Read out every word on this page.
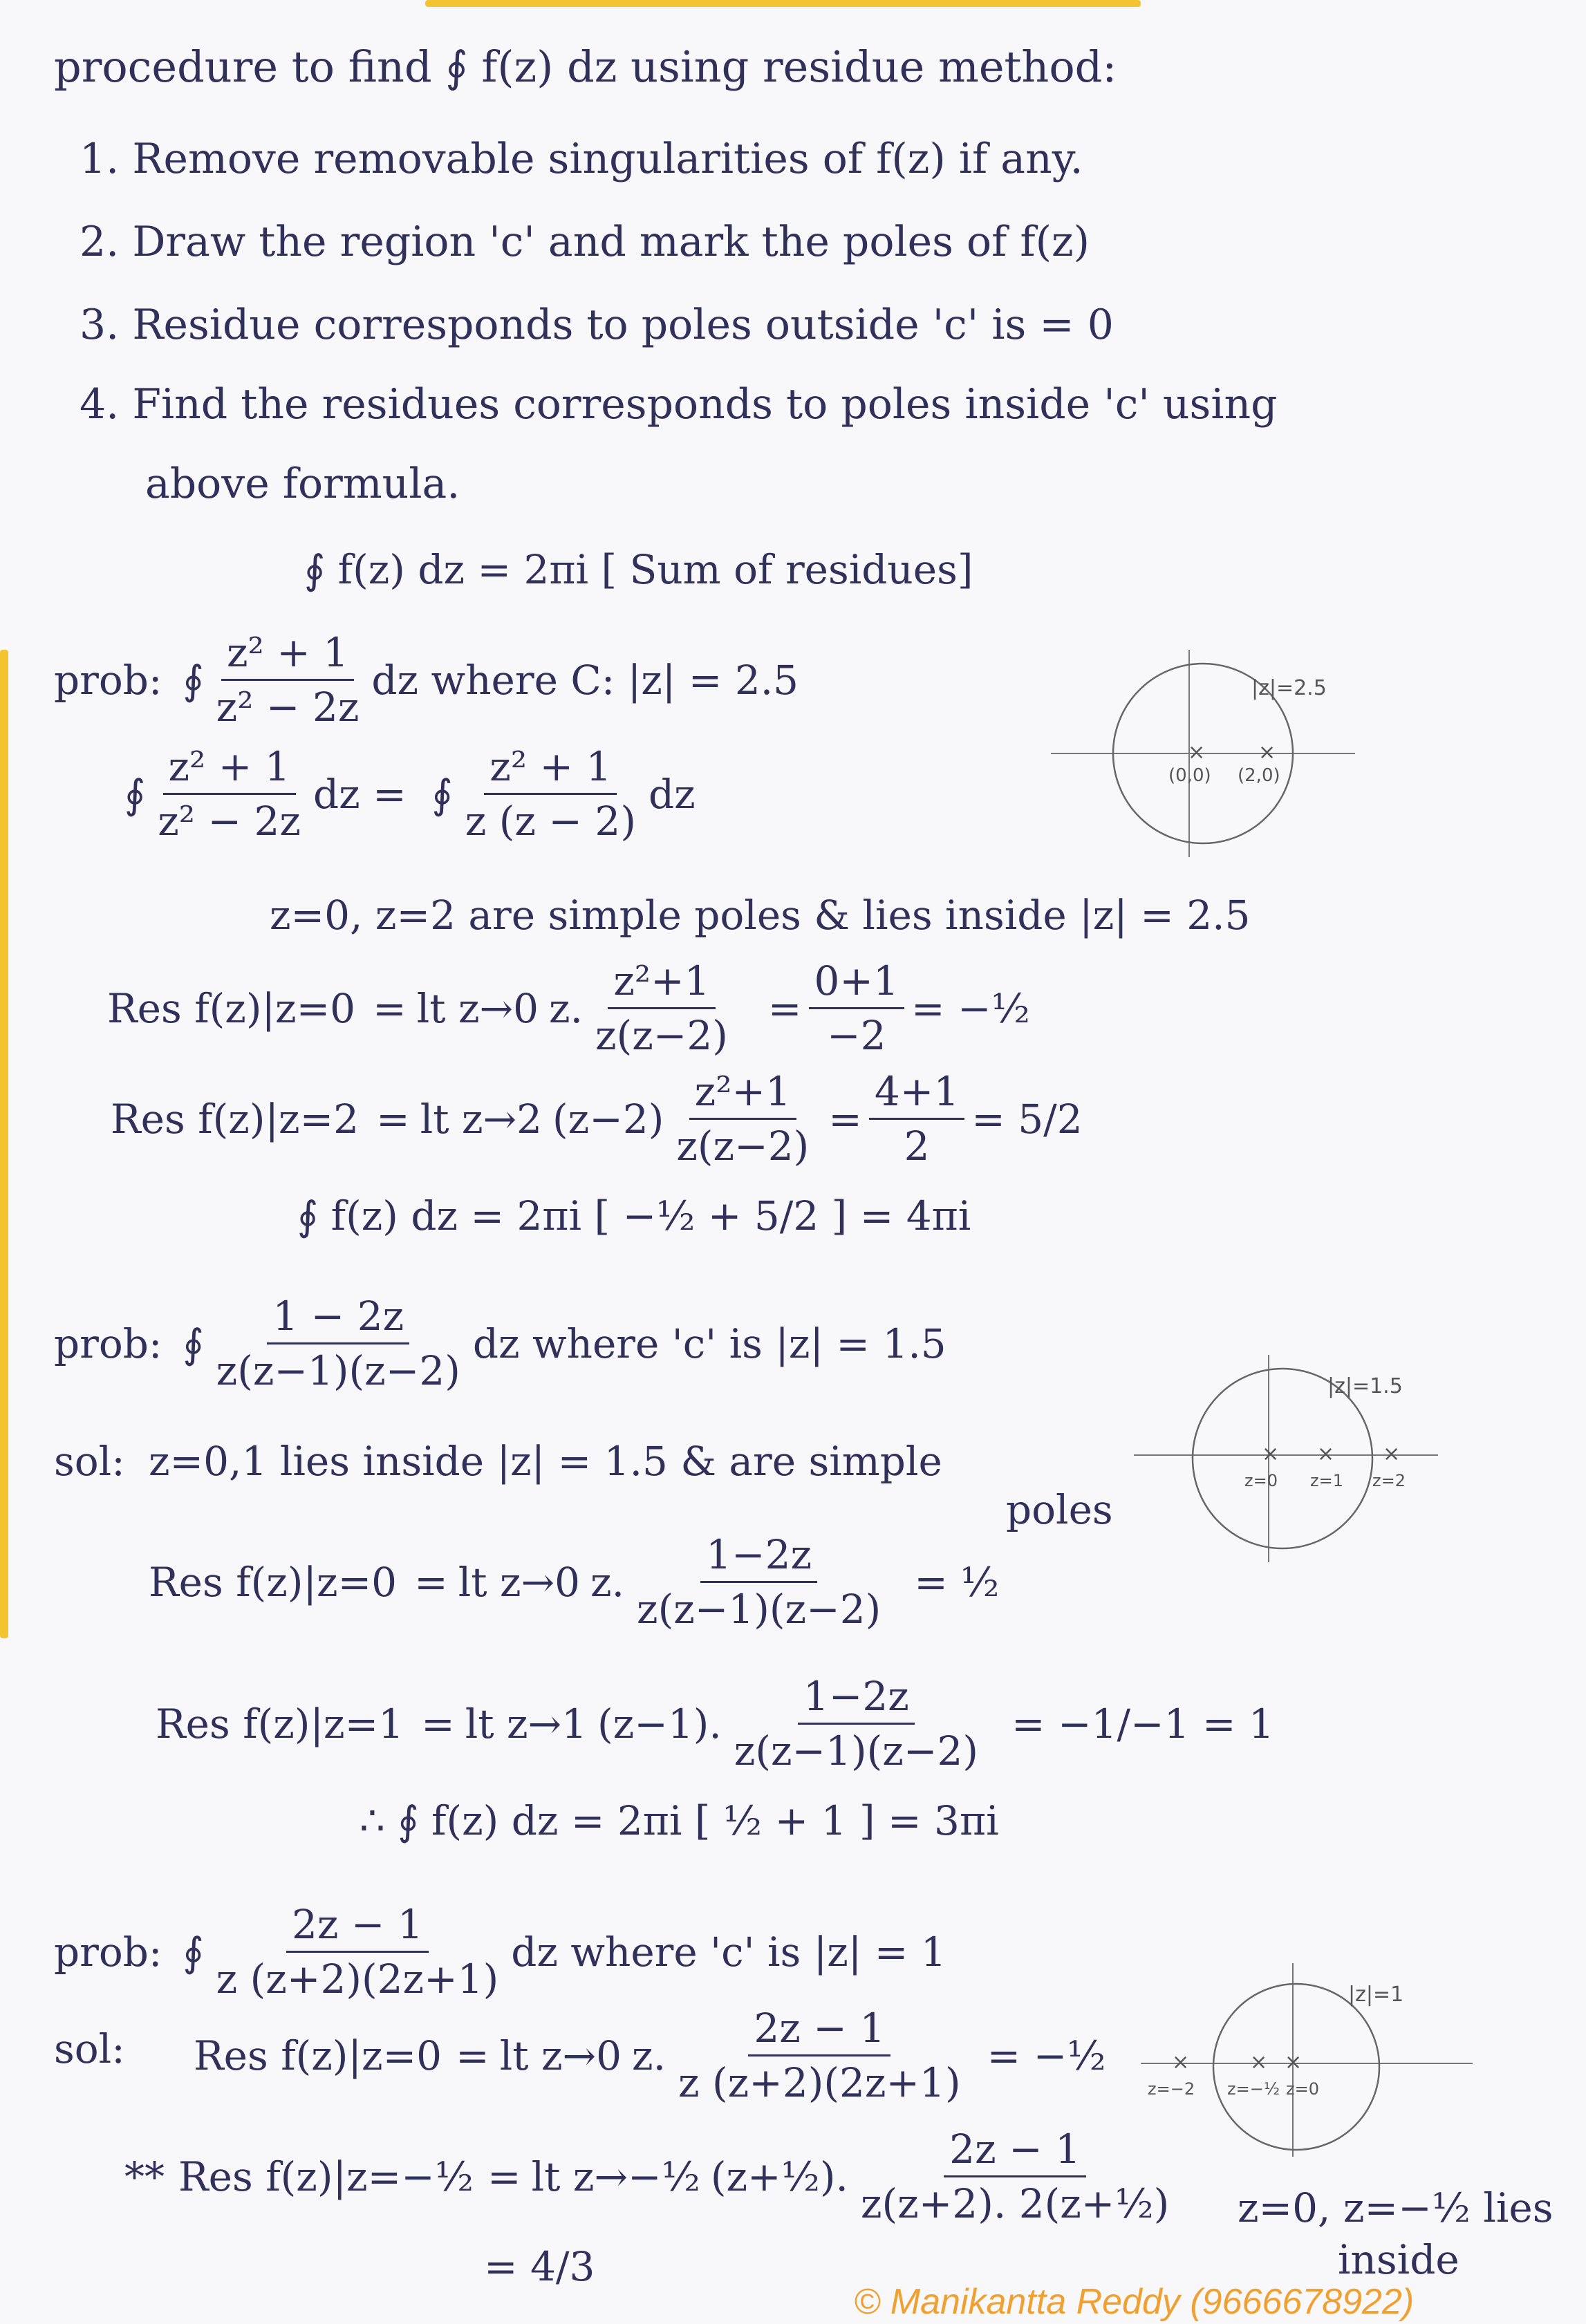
procedure to find ∮ f(z) dz using residue method:
1. Remove removable singularities of f(z) if any.
2. Draw the region 'c' and mark the poles of f(z)
3. Residue corresponds to poles outside 'c' is = 0
4. Find the residues corresponds to poles inside 'c' using
above formula.
∮ f(z) dz = 2πi [ Sum of residues]
prob: ∮ $\frac{\text{z² + 1}}{\text{z² − 2z}}$ dz where C: |z| = 2.5
∮ $\frac{\text{z² + 1}}{\text{z² − 2z}}$ dz =  ∮ $\frac{\text{z² + 1}}{z (z - 2)}$ dz
z=0, z=2 are simple poles & lies inside |z| = 2.5
Res f(z)|z=0 = lt z→0 z. $\frac{\text{z²+1}}{z(z-2)} = \frac{0+1}{-2}$ = −½
Res f(z)|z=2 = lt z→2 $(z-2) \frac{\text{z²+1}}{z(z-2)} = \frac{4+1}{2} = 5/2$
∮ f(z) dz = 2πi [ −½ + 5/2 ] = 4πi
|z|=2.5
×	×
(0,0) (2,0)
prob: ∮ $\frac{1 - 2z}{z(z-1)(z-2)}$ dz where 'c' is |z| = 1.5
sol: z=0,1 lies inside |z| = 1.5 & are simple
poles
Res f(z)|z=0 = lt z→0 z. $\frac{1-2z}{z(z-1)(z-2)}$ = ½
Res f(z)|z=1 = lt z→1 (z−1). $\frac{1-2z}{z(z-1)(z-2)} = -1/-1 = 1$
∴ ∮ f(z) dz = 2πi [ ½ + 1 ] = 3πi
|z|=1.5
× × ×
z=0 z=1 z=2
prob: ∮ $\frac{2z - 1}{z (z+2)(2z+1)}$ dz where 'c' is |z| = 1
sol: Res f(z)|z=0 = lt z→0 z. $\frac{2z - 1}{z (z+2)(2z+1)}$ = −½
** Res f(z)|z=−½ = lt z→−½ (z+½). $\frac{2z - 1}{\text{z(z+2). 2(z+½)}}$
= 4/3
z=0, z=−½ lies
inside
|z|=1
×	× ×
z=−2 z=−½ z=0
© Manikantta Reddy (9666678922)
